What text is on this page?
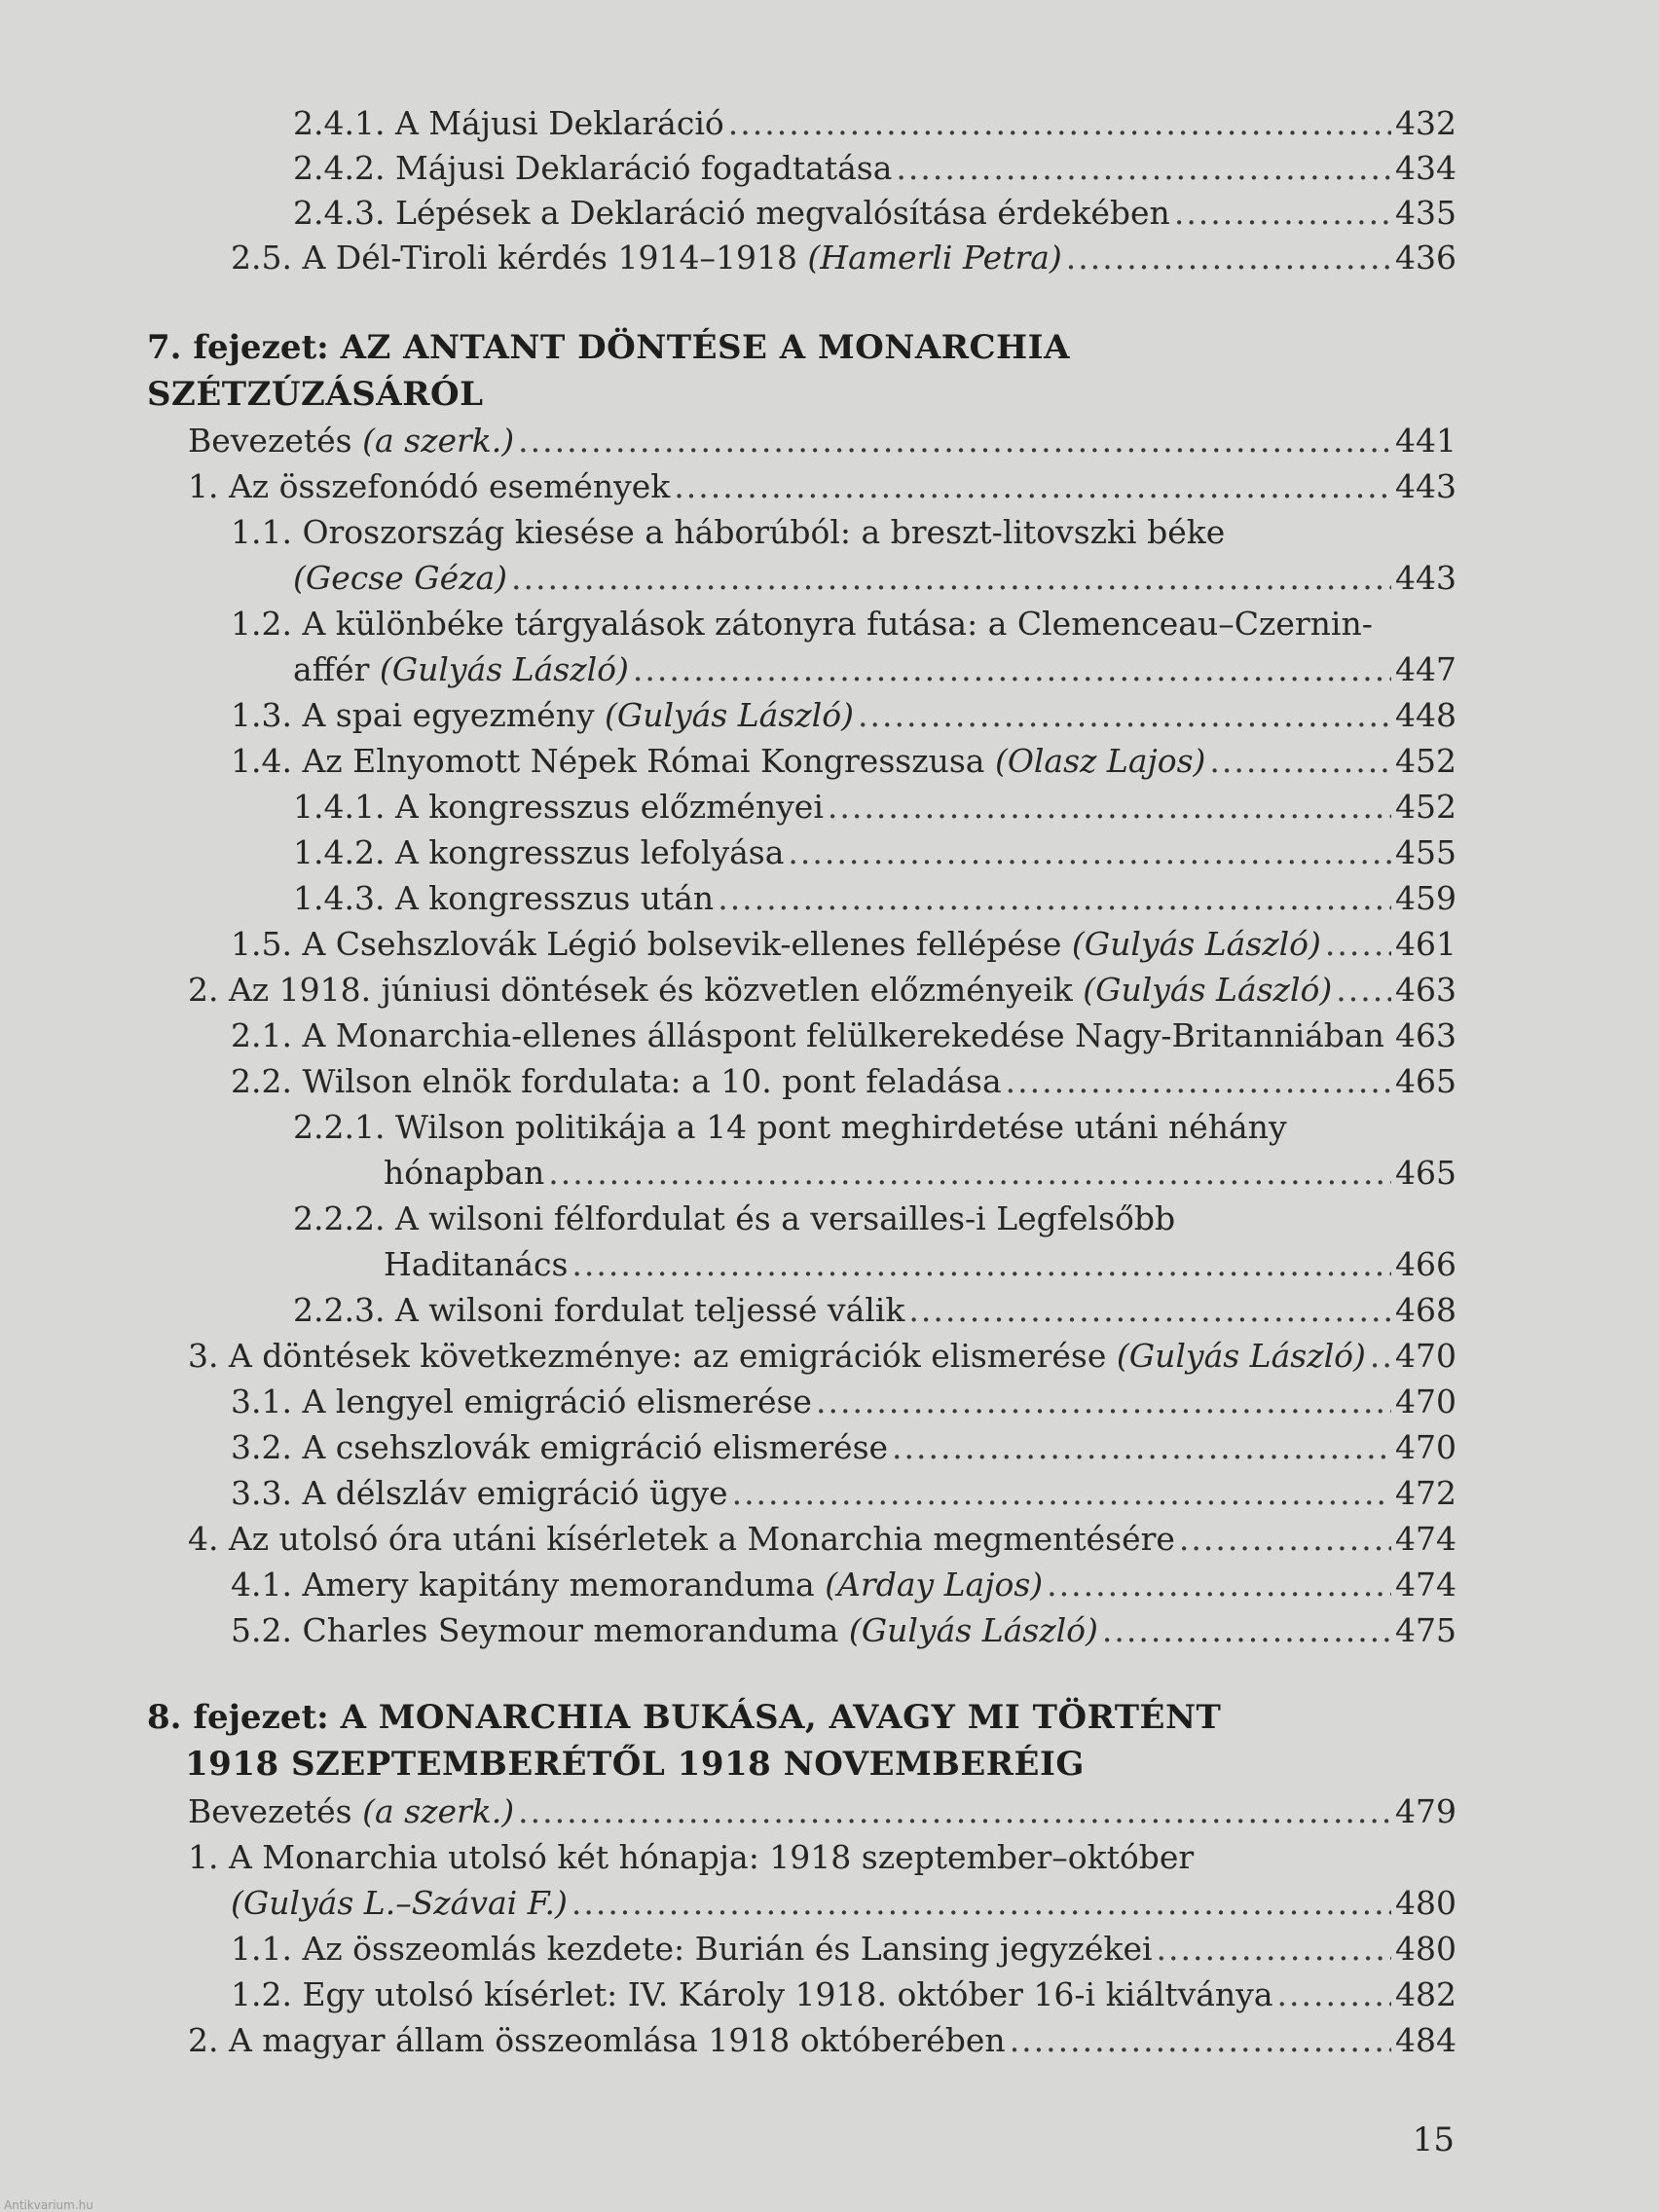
2.4.1. A Májusi Deklaráció .....	432
2.4.2. Májusi Deklaráció fogadtatása .....	434
2.4.3. Lépések a Deklaráció megvalósítása érdekében .....	435
2.5. A Dél-Tiroli kérdés 1914–1918 (Hamerli Petra) .....	436
7. fejezet: AZ ANTANT DÖNTÉSE A MONARCHIA
SZÉTZÚZÁSÁRÓL
Bevezetés (a szerk.) .....	441
1. Az összefonódó események .....	443
1.1. Oroszország kiesése a háborúból: a breszt-litovszki béke
(Gecse Géza) .....	443
1.2. A különbéke tárgyalások zátonyra futása: a Clemenceau–Czernin-
affér (Gulyás László) .....	447
1.3. A spai egyezmény (Gulyás László) .....	448
1.4. Az Elnyomott Népek Római Kongresszusa (Olasz Lajos) .....	452
1.4.1. A kongresszus előzményei .....	452
1.4.2. A kongresszus lefolyása .....	455
1.4.3. A kongresszus után .....	459
1.5. A Csehszlovák Légió bolsevik-ellenes fellépése (Gulyás László) ..... 461
2. Az 1918. júniusi döntések és közvetlen előzményeik (Gulyás László) ..... 463
2.1. A Monarchia-ellenes álláspont felülkerekedése Nagy-Britanniában ..... 463
2.2. Wilson elnök fordulata: a 10. pont feladása .....	465
2.2.1. Wilson politikája a 14 pont meghirdetése utáni néhány
hónapban .....	465
2.2.2. A wilsoni félfordulat és a versailles-i Legfelsőbb
Haditanács .....	466
2.2.3. A wilsoni fordulat teljessé válik .....	468
3. A döntések következménye: az emigrációk elismerése (Gulyás László) ..... 470
3.1. A lengyel emigráció elismerése .....	470
3.2. A csehszlovák emigráció elismerése .....	470
3.3. A délszláv emigráció ügye .....	472
4. Az utolsó óra utáni kísérletek a Monarchia megmentésére .....	474
4.1. Amery kapitány memoranduma (Arday Lajos) .....	474
5.2. Charles Seymour memoranduma (Gulyás László) .....	475
8. fejezet: A MONARCHIA BUKÁSA, AVAGY MI TÖRTÉNT
1918 SZEPTEMBERÉTŐL 1918 NOVEMBERÉIG
Bevezetés (a szerk.) .....	479
1. A Monarchia utolsó két hónapja: 1918 szeptember–október
(Gulyás L.–Szávai F.) .....	480
1.1. Az összeomlás kezdete: Burián és Lansing jegyzékei .....	480
1.2. Egy utolsó kísérlet: IV. Károly 1918. október 16-i kiáltványa .....	482
2. A magyar állam összeomlása 1918 októberében .....	484
15
Antikvarium.hu
